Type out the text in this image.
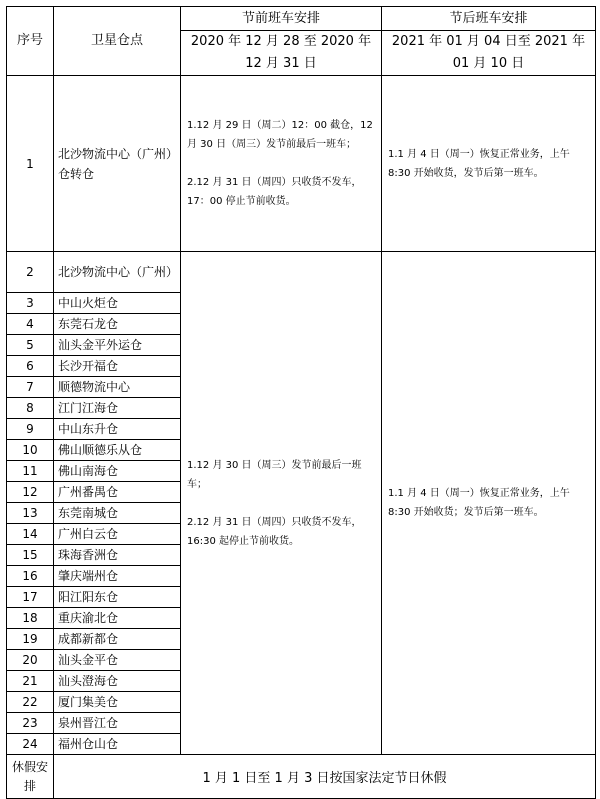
序号	卫星仓点	节前班车安排	节后班车安排
		2020 年 12 月 28 至 2020 年 12 月 31 日	2021 年 01 月 04 日至 2021 年 01 月 10 日
1	北沙物流中心（广州）仓转仓	1.12 月 29 日（周二）12：00 截仓，12 月 30 日（周三）发节前最后一班车；

2.12 月 31 日（周四）只收货不发车，17：00 停止节前收货。	1.1 月 4 日（周一）恢复正常业务，上午 8:30 开始收货，发节后第一班车。
2	北沙物流中心（广州）	1.12 月 30 日（周三）发节前最后一班车；

2.12 月 31 日（周四）只收货不发车，16:30 起停止节前收货。	1.1 月 4 日（周一）恢复正常业务，上午 8:30 开始收货；发节后第一班车。
3	中山火炬仓		
4	东莞石龙仓		
5	汕头金平外运仓		
6	长沙开福仓		
7	顺德物流中心		
8	江门江海仓		
9	中山东升仓		
10	佛山顺德乐从仓		
11	佛山南海仓		
12	广州番禺仓		
13	东莞南城仓		
14	广州白云仓		
15	珠海香洲仓		
16	肇庆端州仓		
17	阳江阳东仓		
18	重庆渝北仓		
19	成都新都仓		
20	汕头金平仓		
21	汕头澄海仓		
22	厦门集美仓		
23	泉州晋江仓		
24	福州仓山仓		
休假安排	1 月 1 日至 1 月 3 日按国家法定节日休假		
